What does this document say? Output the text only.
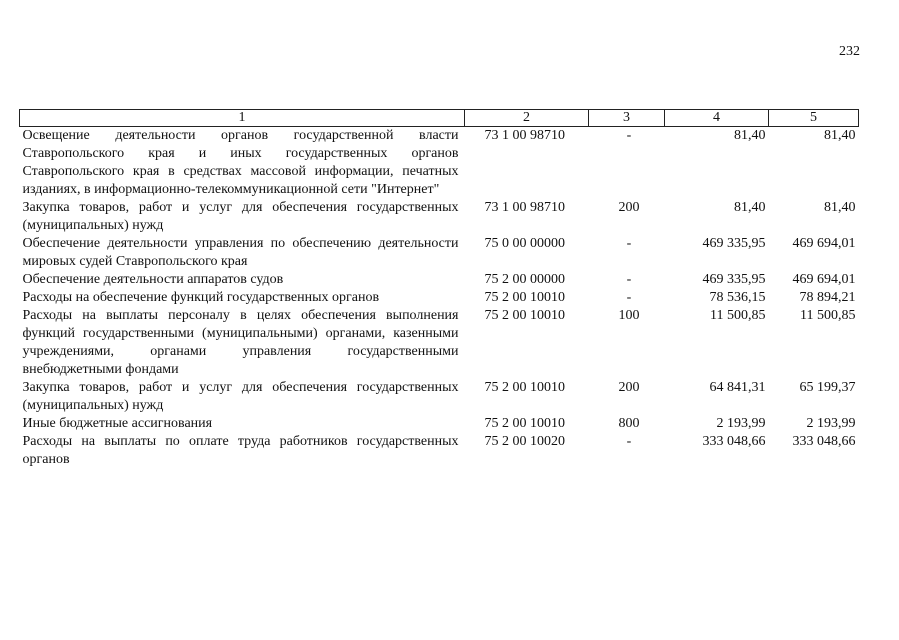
232
1	2	3	4	5
Освещение деятельности органов государственной власти Ставропольского края и иных государственных органов Ставропольского края в средствах массовой информации, печатных изданиях, в информационно-телекоммуникационной сети "Интернет"	73 1 00 98710	-	81,40	81,40
Закупка товаров, работ и услуг для обеспечения государственных (муниципальных) нужд	73 1 00 98710	200	81,40	81,40
Обеспечение деятельности управления по обеспечению деятельности мировых судей Ставропольского края	75 0 00 00000	-	469 335,95	469 694,01
Обеспечение деятельности аппаратов судов	75 2 00 00000	-	469 335,95	469 694,01
Расходы на обеспечение функций государственных органов	75 2 00 10010	-	78 536,15	78 894,21
Расходы на выплаты персоналу в целях обеспечения выполнения функций государственными (муниципальными) органами, казенными учреждениями, органами управления государственными внебюджетными фондами	75 2 00 10010	100	11 500,85	11 500,85
Закупка товаров, работ и услуг для обеспечения государственных (муниципальных) нужд	75 2 00 10010	200	64 841,31	65 199,37
Иные бюджетные ассигнования	75 2 00 10010	800	2 193,99	2 193,99
Расходы на выплаты по оплате труда работников государственных органов	75 2 00 10020	-	333 048,66	333 048,66
